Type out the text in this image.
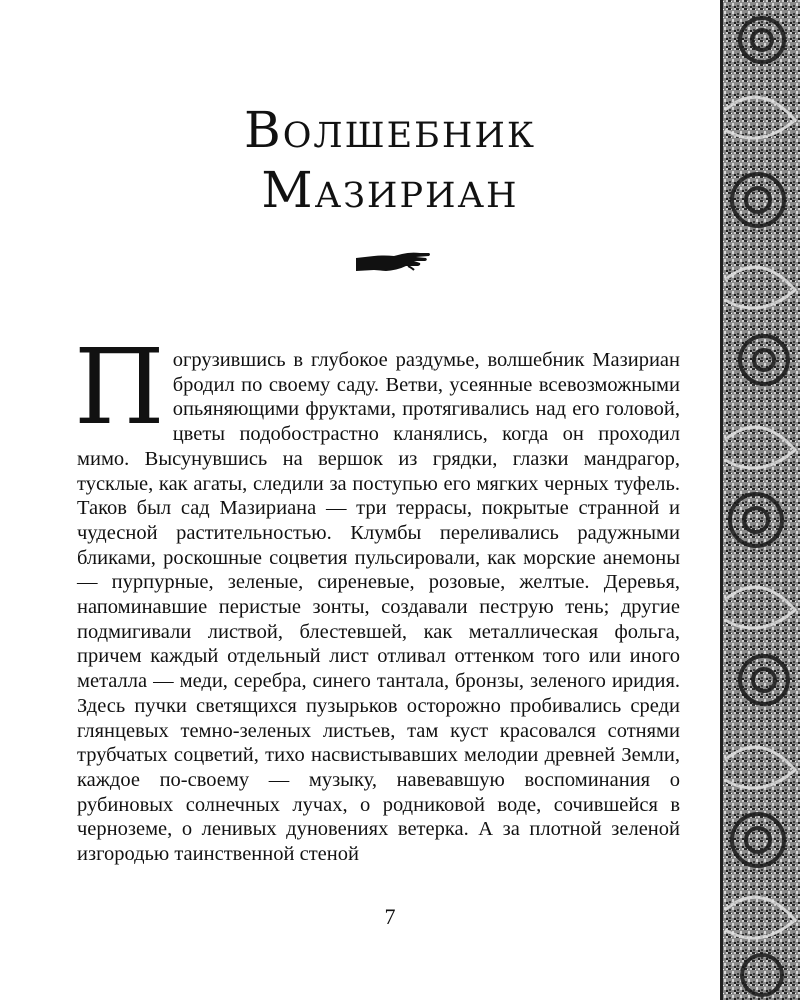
Волшебник
Мазириан

Погрузившись в глубокое раздумье, волшебник Мазириан бродил по своему саду. Ветви, усеянные всевозможными опьяняющими фруктами, протягивались над его головой, цветы подобострастно кланялись, когда он проходил мимо. Высунувшись на вершок из грядки, глазки мандрагор, тусклые, как агаты, следили за поступью его мягких черных туфель. Таков был сад Мазириана — три террасы, покрытые странной и чудесной растительностью. Клумбы переливались радужными бликами, роскошные соцветия пульсировали, как морские анемоны — пурпурные, зеленые, сиреневые, розовые, желтые. Деревья, напоминавшие перистые зонты, создавали пеструю тень; другие подмигивали листвой, блестевшей, как металлическая фольга, причем каждый отдельный лист отливал оттенком того или иного металла — меди, серебра, синего тантала, бронзы, зеленого иридия. Здесь пучки светящихся пузырьков осторожно пробивались среди глянцевых темно-зеленых листьев, там куст красовался сотнями трубчатых соцветий, тихо насвистывавших мелодии древней Земли, каждое по-своему — музыку, навевавшую воспоминания о рубиновых солнечных лучах, о родниковой воде, сочившейся в черноземе, о ленивых дуновениях ветерка. А за плотной зеленой изгородью таинственной стеной

7
